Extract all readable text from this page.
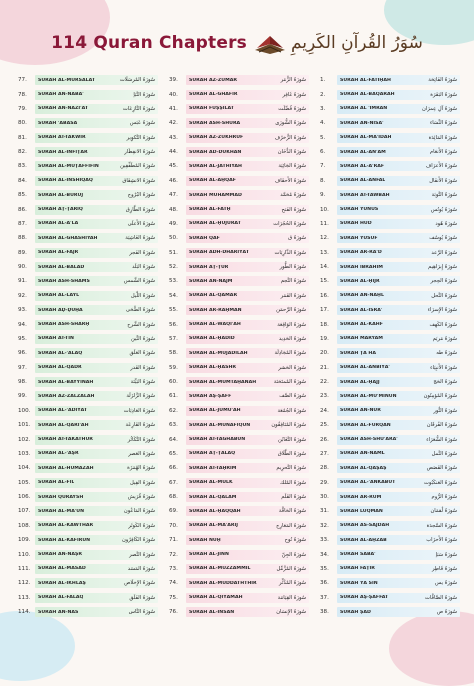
114 Quran Chapters	سُوَرُ القُرآنِ الكَرِيمِ
77.	SURAH AL-MURSALĀT	سُورَةُ المُرسَلَات
78.	SURAH AN-NABA'	سُورَةُ النَّبَإ
79.	SURAH AN-NĀZI'ĀT	سُورَةُ النَّازِعَات
80.	SURAH 'ABASA	سُورَةُ عَبَس
81.	SURAH AT-TAKWĪR	سُورَةُ التَّكوِير
82.	SURAH AL-INFIṬĀR	سُورَةُ الانفِطَار
83.	SURAH AL-MUṬAFFIFĪN	سُورَةُ المُطَفِّفِين
84.	SURAH AL-INSHIQĀQ	سُورَةُ الانشِقَاق
85.	SURAH AL-BURŪJ	سُورَةُ البُرُوج
86.	SURAH AṬ-ṬĀRIQ	سُورَةُ الطَّارِق
87.	SURAH AL-A'LĀ	سُورَةُ الأَعلَى
88.	SURAH AL-GHĀSHIYAH	سُورَةُ الغَاشِيَة
89.	SURAH AL-FAJR	سُورَةُ الفَجر
90.	SURAH AL-BALAD	سُورَةُ البَلَد
91.	SURAH ASH-SHAMS	سُورَةُ الشَّمس
92.	SURAH AL-LAYL	سُورَةُ اللَّيل
93.	SURAH AḌ-ḌUḤĀ	سُورَةُ الضُّحَى
94.	SURAH ASH-SHARḤ	سُورَةُ الشَّرح
95.	SURAH AT-TĪN	سُورَةُ التِّين
96.	SURAH AL-'ALAQ	سُورَةُ العَلَق
97.	SURAH AL-QADR	سُورَةُ القَدر
98.	SURAH AL-BAYYINAH	سُورَةُ البَيِّنَة
99.	SURAH AZ-ZALZALAH	سُورَةُ الزَّلزَلَة
100.	SURAH AL-'ĀDIYĀT	سُورَةُ العَادِيَات
101.	SURAH AL-QĀRI'AH	سُورَةُ القَارِعَة
102.	SURAH AT-TAKĀTHUR	سُورَةُ التَّكَاثُر
103.	SURAH AL-'AṢR	سُورَةُ العَصر
104.	SURAH AL-HUMAZAH	سُورَةُ الهُمَزَة
105.	SURAH AL-FĪL	سُورَةُ الفِيل
106.	SURAH QURAYSH	سُورَةُ قُرَيش
107.	SURAH AL-MĀ'ŪN	سُورَةُ المَاعُون
108.	SURAH AL-KAWTHAR	سُورَةُ الكَوثَر
109.	SURAH AL-KĀFIRŪN	سُورَةُ الكَافِرُون
110.	SURAH AN-NAṢR	سُورَةُ النَّصر
111.	SURAH AL-MASAD	سُورَةُ المَسَد
112.	SURAH AL-IKHLĀṢ	سُورَةُ الإِخلَاص
113.	SURAH AL-FALAQ	سُورَةُ الفَلَق
114.	SURAH AN-NĀS	سُورَةُ النَّاس
39.	SURAH AZ-ZUMAR	سُورَةُ الزُّمَر
40.	SURAH AL-GHĀFIR	سُورَةُ غَافِر
41.	SURAH FUṢṢILAT	سُورَةُ فُصِّلَت
42.	SURAH ASH-SHŪRĀ	سُورَةُ الشُّورَى
43.	SURAH AZ-ZUKHRUF	سُورَةُ الزُّخرُف
44.	SURAH AD-DUKHĀN	سُورَةُ الدُّخَان
45.	SURAH AL-JĀTHIYAH	سُورَةُ الجَاثِيَة
46.	SURAH AL-AḤQĀF	سُورَةُ الأَحقَاف
47.	SURAH MUHAMMAD	سُورَةُ مُحَمَّد
48.	SURAH AL-FATḤ	سُورَةُ الفَتح
49.	SURAH AL-ḤUJURĀT	سُورَةُ الحُجُرَات
50.	SURAH QĀF	سُورَةُ ق
51.	SURAH ADH-DHĀRIYĀT	سُورَةُ الذَّارِيَات
52.	SURAH AṬ-ṬŪR	سُورَةُ الطُّور
53.	SURAH AN-NAJM	سُورَةُ النَّجم
54.	SURAH AL-QAMAR	سُورَةُ القَمَر
55.	SURAH AR-RAḤMĀN	سُورَةُ الرَّحمَن
56.	SURAH AL-WĀQI'AH	سُورَةُ الوَاقِعَة
57.	SURAH AL-ḤADĪD	سُورَةُ الحَدِيد
58.	SURAH AL-MUJĀDILAH	سُورَةُ المُجَادِلَة
59.	SURAH AL-ḤASHR	سُورَةُ الحَشر
60.	SURAH AL-MUMTAḤANAH	سُورَةُ المُمتَحَنَة
61.	SURAH AṢ-ṢAFF	سُورَةُ الصَّف
62.	SURAH AL-JUMU'AH	سُورَةُ الجُمُعَة
63.	SURAH AL-MUNĀFIQŪN	سُورَةُ المُنَافِقُون
64.	SURAH AT-TAGHĀBUN	سُورَةُ التَّغَابُن
65.	SURAH AṬ-ṬALĀQ	سُورَةُ الطَّلَاق
66.	SURAH AT-TAḤRĪM	سُورَةُ التَّحرِيم
67.	SURAH AL-MULK	سُورَةُ المُلك
68.	SURAH AL-QALAM	سُورَةُ القَلَم
69.	SURAH AL-ḤĀQQAH	سُورَةُ الحَاقَّة
70.	SURAH AL-MA'ĀRIJ	سُورَةُ المَعَارِج
71.	SURAH NŪḤ	سُورَةُ نُوح
72.	SURAH AL-JINN	سُورَةُ الجِنّ
73.	SURAH AL-MUZZAMMIL	سُورَةُ المُزَّمِّل
74.	SURAH AL-MUDDATHTHIR	سُورَةُ المُدَّثِّر
75.	SURAH AL-QIYĀMAH	سُورَةُ القِيَامَة
76.	SURAH AL-INSĀN	سُورَةُ الإِنسَان
1.	SURAH AL-FĀTIḤAH	سُورَةُ الفَاتِحَة
2.	SURAH AL-BAQARAH	سُورَةُ البَقَرَة
3.	SURAH ĀL 'IMRĀN	سُورَةُ آلِ عِمرَان
4.	SURAH AN-NISĀ'	سُورَةُ النِّسَاء
5.	SURAH AL-MĀ'IDAH	سُورَةُ المَائِدَة
6.	SURAH AL-AN'ĀM	سُورَةُ الأَنعَام
7.	SURAH AL-A'RĀF	سُورَةُ الأَعرَاف
8.	SURAH AL-ANFĀL	سُورَةُ الأَنفَال
9.	SURAH AT-TAWBAH	سُورَةُ التَّوبَة
10.	SURAH YŪNUS	سُورَةُ يُونُس
11.	SURAH HŪD	سُورَةُ هُود
12.	SURAH YŪSUF	سُورَةُ يُوسُف
13.	SURAH AR-RA'D	سُورَةُ الرَّعد
14.	SURAH IBRĀHĪM	سُورَةُ إِبرَاهِيم
15.	SURAH AL-ḤIJR	سُورَةُ الحِجر
16.	SURAH AN-NAḤL	سُورَةُ النَّحل
17.	SURAH AL-ISRĀ'	سُورَةُ الإِسرَاء
18.	SURAH AL-KAHF	سُورَةُ الكَهف
19.	SURAH MARYAM	سُورَةُ مَريَم
20.	SURAH ṬĀ HĀ	سُورَةُ طه
21.	SURAH AL-ANBIYĀ'	سُورَةُ الأَنبِيَاء
22.	SURAH AL-ḤAJJ	سُورَةُ الحَج
23.	SURAH AL-MU'MINŪN	سُورَةُ المُؤمِنُون
24.	SURAH AN-NŪR	سُورَةُ النُّور
25.	SURAH AL-FURQĀN	سُورَةُ الفُرقَان
26.	SURAH ASH-SHU'ARĀ'	سُورَةُ الشُّعَرَاء
27.	SURAH AN-NAML	سُورَةُ النَّمل
28.	SURAH AL-QAṢAṢ	سُورَةُ القَصَص
29.	SURAH AL-'ANKABŪT	سُورَةُ العَنكَبُوت
30.	SURAH AR-RŪM	سُورَةُ الرُّوم
31.	SURAH LUQMĀN	سُورَةُ لُقمَان
32.	SURAH AS-SAJDAH	سُورَةُ السَّجدَة
33.	SURAH AL-AḤZĀB	سُورَةُ الأَحزَاب
34.	SURAH SABA'	سُورَةُ سَبَإ
35.	SURAH FĀṬIR	سُورَةُ فَاطِر
36.	SURAH YĀ SĪN	سُورَةُ يس
37.	SURAH AṢ-ṢĀFFĀT	سُورَةُ الصَّافَّات
38.	SURAH ṢĀD	سُورَةُ ص
